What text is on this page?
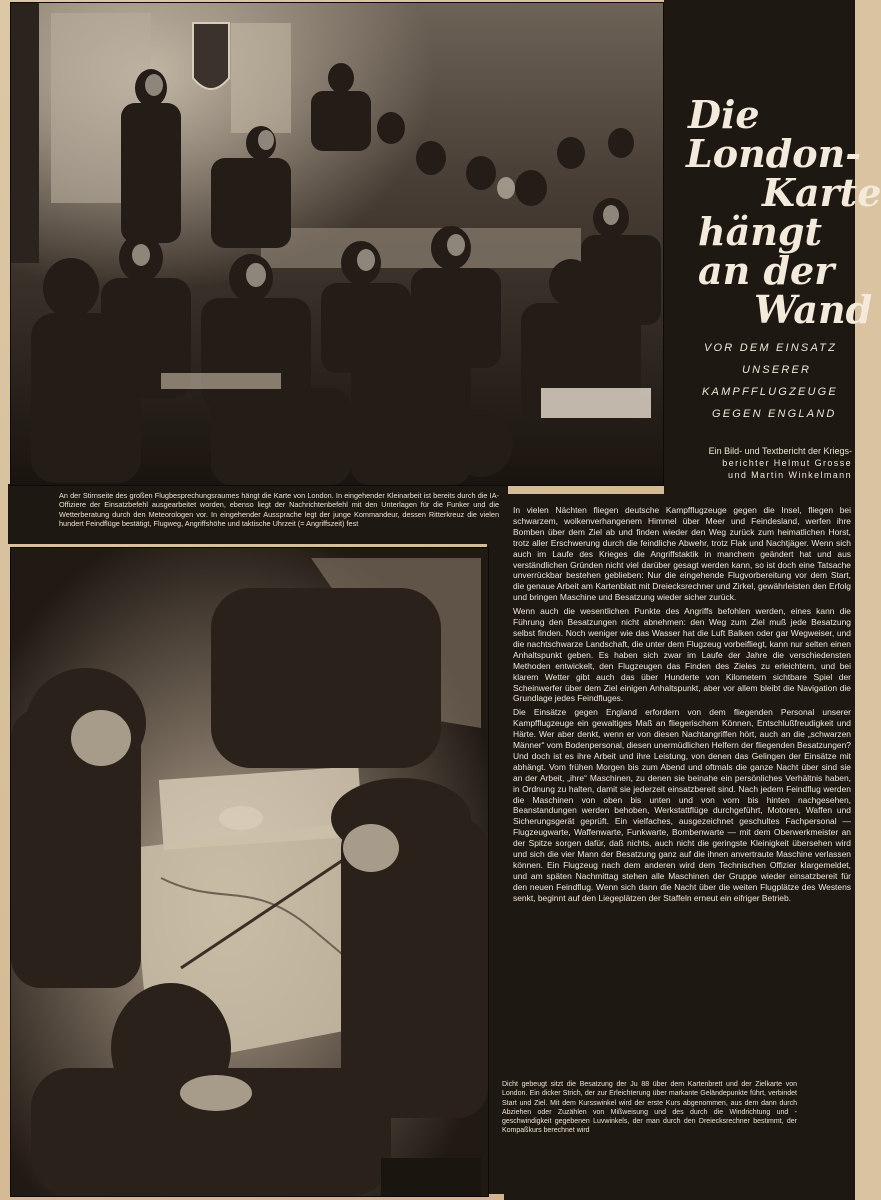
An der Stirnseite des großen Flugbesprechungsraumes hängt die Karte von London. In eingehender Kleinarbeit ist bereits durch die IA-Offiziere der Einsatzbefehl ausgearbeitet worden, ebenso liegt der Nachrichtenbefehl mit den Unterlagen für die Funker und die Wetterberatung durch den Meteorologen vor. In eingehender Aussprache legt der junge Kommandeur, dessen Ritterkreuz die vielen hundert Feindflüge bestätigt, Flugweg, Angriffshöhe und taktische Uhrzeit (= Angriffszeit) fest
Die
London-
Karte
hängt
an der
Wand
VOR DEM EINSATZ
UNSERER
KAMPFFLUGZEUGE
GEGEN ENGLAND
Ein Bild- und Textbericht der Kriegs-
berichter Helmut Grosse
und Martin Winkelmann

In vielen Nächten fliegen deutsche Kampfflugzeuge gegen die Insel, fliegen bei schwarzem, wolkenverhangenem Himmel über Meer und Feindesland, werfen ihre Bomben über dem Ziel ab und finden wieder den Weg zurück zum heimatlichen Horst, trotz aller Erschwerung durch die feindliche Abwehr, trotz Flak und Nachtjäger. Wenn sich auch im Laufe des Krieges die Angriffstaktik in manchem geändert hat und aus verständlichen Gründen nicht viel darüber gesagt werden kann, so ist doch eine Tatsache unverrückbar bestehen geblieben: Nur die eingehende Flugvorbereitung vor dem Start, die genaue Arbeit am Kartenblatt mit Dreiecksrechner und Zirkel, gewährleisten den Erfolg und bringen Maschine und Besatzung wieder sicher zurück.

Wenn auch die wesentlichen Punkte des Angriffs befohlen werden, eines kann die Führung den Besatzungen nicht abnehmen: den Weg zum Ziel muß jede Besatzung selbst finden. Noch weniger wie das Wasser hat die Luft Balken oder gar Wegweiser, und die nachtschwarze Landschaft, die unter dem Flugzeug vorbeifliegt, kann nur selten einen Anhaltspunkt geben. Es haben sich zwar im Laufe der Jahre die verschiedensten Methoden entwickelt, den Flugzeugen das Finden des Zieles zu erleichtern, und bei klarem Wetter gibt auch das über Hunderte von Kilometern sichtbare Spiel der Scheinwerfer über dem Ziel einigen Anhaltspunkt, aber vor allem bleibt die Navigation die Grundlage jedes Feindfluges.

Die Einsätze gegen England erfordern von dem fliegenden Personal unserer Kampfflugzeuge ein gewaltiges Maß an fliegerischem Können, Entschlußfreudigkeit und Härte. Wer aber denkt, wenn er von diesen Nachtangriffen hört, auch an die „schwarzen Männer“ vom Bodenpersonal, diesen unermüdlichen Helfern der fliegenden Besatzungen? Und doch ist es ihre Arbeit und ihre Leistung, von denen das Gelingen der Einsätze mit abhängt. Vom frühen Morgen bis zum Abend und oftmals die ganze Nacht über sind sie an der Arbeit, „ihre“ Maschinen, zu denen sie beinahe ein persönliches Verhältnis haben, in Ordnung zu halten, damit sie jederzeit einsatzbereit sind. Nach jedem Feindflug werden die Maschinen von oben bis unten und von vorn bis hinten nachgesehen, Beanstandungen werden behoben, Werkstattflüge durchgeführt, Motoren, Waffen und Sicherungsgerät geprüft. Ein vielfaches, ausgezeichnet geschultes Fachpersonal — Flugzeugwarte, Waffenwarte, Funkwarte, Bombenwarte — mit dem Oberwerkmeister an der Spitze sorgen dafür, daß nichts, auch nicht die geringste Kleinigkeit übersehen wird und sich die vier Mann der Besatzung ganz auf die ihnen anvertraute Maschine verlassen können. Ein Flugzeug nach dem anderen wird dem Technischen Offizier klargemeldet, und am späten Nachmittag stehen alle Maschinen der Gruppe wieder einsatzbereit für den neuen Feindflug. Wenn sich dann die Nacht über die weiten Flugplätze des Westens senkt, beginnt auf den Liegeplätzen der Staffeln erneut ein eifriger Betrieb.

Dicht gebeugt sitzt die Besatzung der Ju 88 über dem Kartenbrett und der Zielkarte von London. Ein dicker Strich, der zur Erleichterung über markante Geländepunkte führt, verbindet Start und Ziel. Mit dem Kursswinkel wird der erste Kurs abgenommen, aus dem dann durch Abziehen oder Zuzählen von Mißweisung und des durch die Windrichtung und -geschwindigkeit gegebenen Luvwinkels, der man durch den Dreiecksrechner bestimmt, der Kompaßkurs berechnet wird
